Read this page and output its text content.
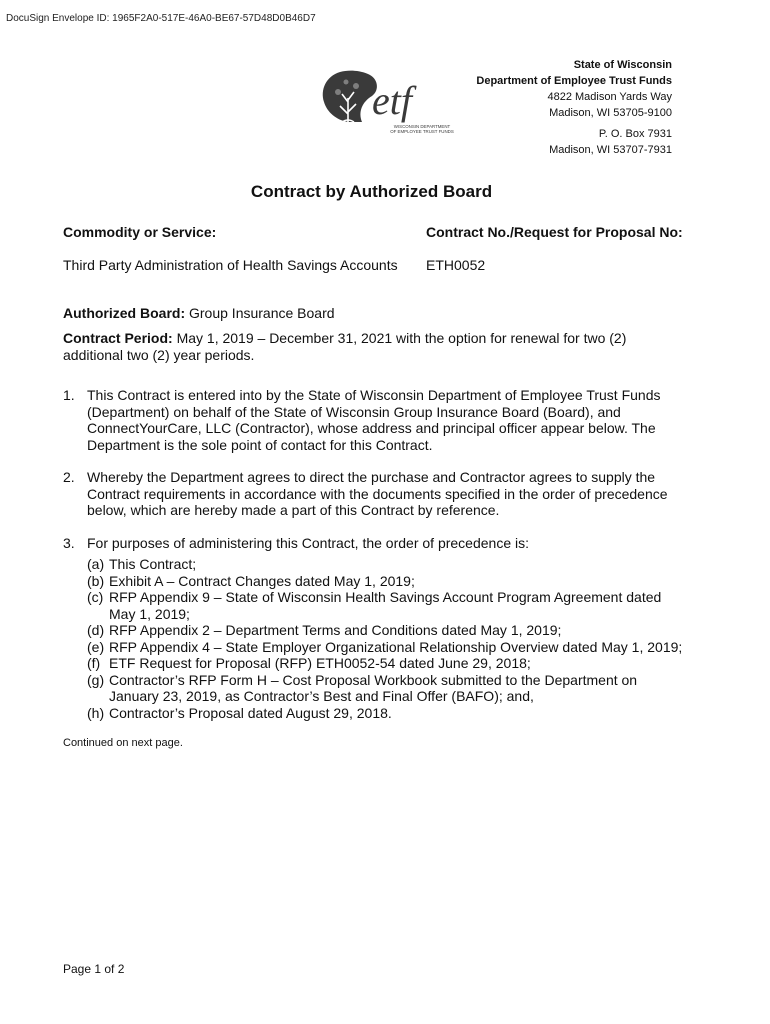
DocuSign Envelope ID: 1965F2A0-517E-46A0-BE67-57D48D0B46D7
etf
WISCONSIN DEPARTMENT
OF EMPLOYEE TRUST FUNDS
State of Wisconsin
Department of Employee Trust Funds
4822 Madison Yards Way
Madison, WI 53705-9100
P. O. Box 7931
Madison, WI 53707-7931
Contract by Authorized Board
Commodity or Service:	Contract No./Request for Proposal No:
Third Party Administration of Health Savings Accounts ETH0052
Authorized Board: Group Insurance Board
Contract Period: May 1, 2019 – December 31, 2021 with the option for renewal for two (2) additional two (2) year periods.
1. This Contract is entered into by the State of Wisconsin Department of Employee Trust Funds (Department) on behalf of the State of Wisconsin Group Insurance Board (Board), and ConnectYourCare, LLC (Contractor), whose address and principal officer appear below. The Department is the sole point of contact for this Contract.
2. Whereby the Department agrees to direct the purchase and Contractor agrees to supply the Contract requirements in accordance with the documents specified in the order of precedence below, which are hereby made a part of this Contract by reference.
3. For purposes of administering this Contract, the order of precedence is:
(a) This Contract;
(b) Exhibit A – Contract Changes dated May 1, 2019;
(c) RFP Appendix 9 – State of Wisconsin Health Savings Account Program Agreement dated May 1, 2019;
(d) RFP Appendix 2 – Department Terms and Conditions dated May 1, 2019;
(e) RFP Appendix 4 – State Employer Organizational Relationship Overview dated May 1, 2019;
(f) ETF Request for Proposal (RFP) ETH0052-54 dated June 29, 2018;
(g) Contractor’s RFP Form H – Cost Proposal Workbook submitted to the Department on January 23, 2019, as Contractor’s Best and Final Offer (BAFO); and,
(h) Contractor’s Proposal dated August 29, 2018.
Continued on next page.
Page 1 of 2
